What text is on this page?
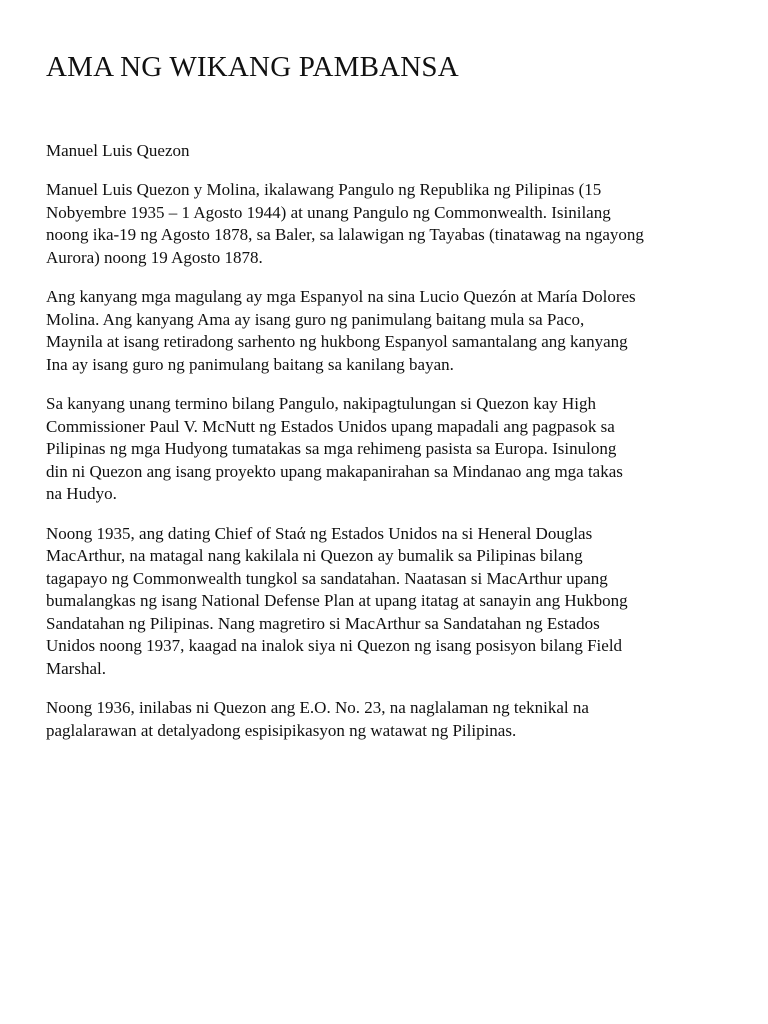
AMA NG WIKANG PAMBANSA

Manuel Luis Quezon

Manuel Luis Quezon y Molina, ikalawang Pangulo ng Republika ng Pilipinas (15
Nobyembre 1935 – 1 Agosto 1944) at unang Pangulo ng Commonwealth. Isinilang
noong ika-19 ng Agosto 1878, sa Baler, sa lalawigan ng Tayabas (tinatawag na ngayong
Aurora) noong 19 Agosto 1878.

Ang kanyang mga magulang ay mga Espanyol na sina Lucio Quezón at María Dolores
Molina. Ang kanyang Ama ay isang guro ng panimulang baitang mula sa Paco,
Maynila at isang retiradong sarhento ng hukbong Espanyol samantalang ang kanyang
Ina ay isang guro ng panimulang baitang sa kanilang bayan.

Sa kanyang unang termino bilang Pangulo, nakipagtulungan si Quezon kay High
Commissioner Paul V. McNutt ng Estados Unidos upang mapadali ang pagpasok sa
Pilipinas ng mga Hudyong tumatakas sa mga rehimeng pasista sa Europa. Isinulong
din ni Quezon ang isang proyekto upang makapanirahan sa Mindanao ang mga takas
na Hudyo.

Noong 1935, ang dating Chief of Staά ng Estados Unidos na si Heneral Douglas
MacArthur, na matagal nang kakilala ni Quezon ay bumalik sa Pilipinas bilang
tagapayo ng Commonwealth tungkol sa sandatahan. Naatasan si MacArthur upang
bumalangkas ng isang National Defense Plan at upang itatag at sanayin ang Hukbong
Sandatahan ng Pilipinas. Nang magretiro si MacArthur sa Sandatahan ng Estados
Unidos noong 1937, kaagad na inalok siya ni Quezon ng isang posisyon bilang Field
Marshal.

Noong 1936, inilabas ni Quezon ang E.O. No. 23, na naglalaman ng teknikal na
paglalarawan at detalyadong espisipikasyon ng watawat ng Pilipinas.
